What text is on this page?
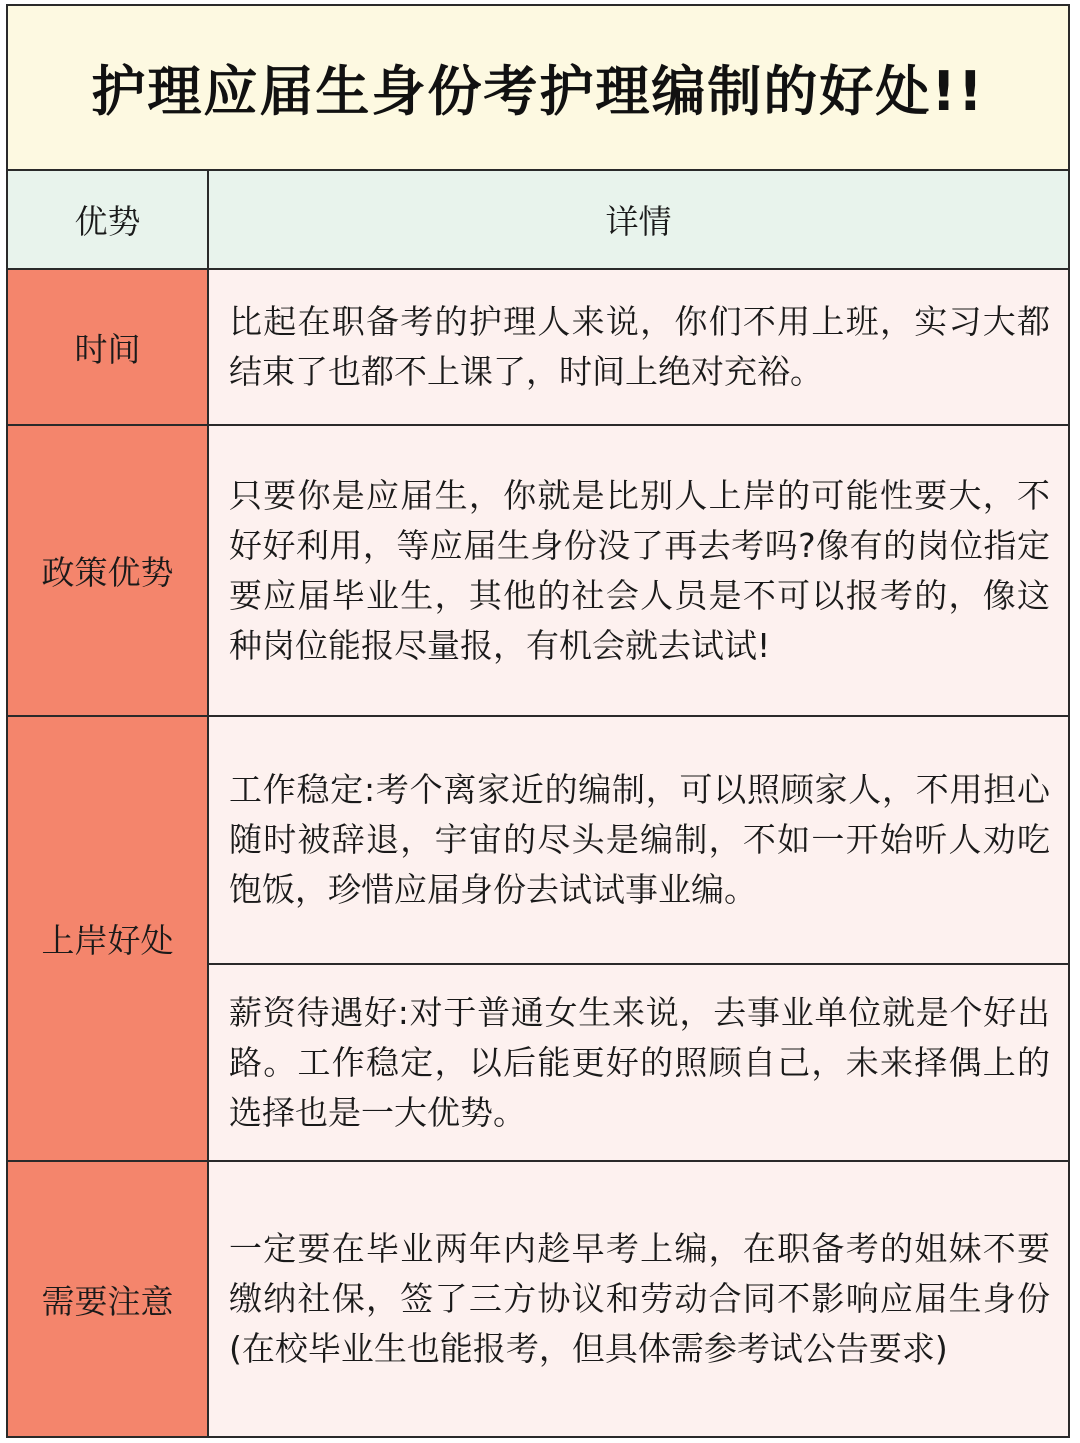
护理应届生身份考护理编制的好处!!
优势	详情
时间
比起在职备考的护理人来说，你们不用上班，实习大都结束了也都不上课了，时间上绝对充裕。
政策优势
只要你是应届生，你就是比别人上岸的可能性要大，不好好利用，等应届生身份没了再去考吗?像有的岗位指定要应届毕业生，其他的社会人员是不可以报考的，像这种岗位能报尽量报，有机会就去试试!
上岸好处
工作稳定:考个离家近的编制，可以照顾家人，不用担心随时被辞退，宇宙的尽头是编制，不如一开始听人劝吃饱饭，珍惜应届身份去试试事业编。
薪资待遇好:对于普通女生来说，去事业单位就是个好出路。工作稳定，以后能更好的照顾自己，未来择偶上的选择也是一大优势。
需要注意
一定要在毕业两年内趁早考上编，在职备考的姐妹不要缴纳社保，签了三方协议和劳动合同不影响应届生身份(在校毕业生也能报考，但具体需参考试公告要求)
